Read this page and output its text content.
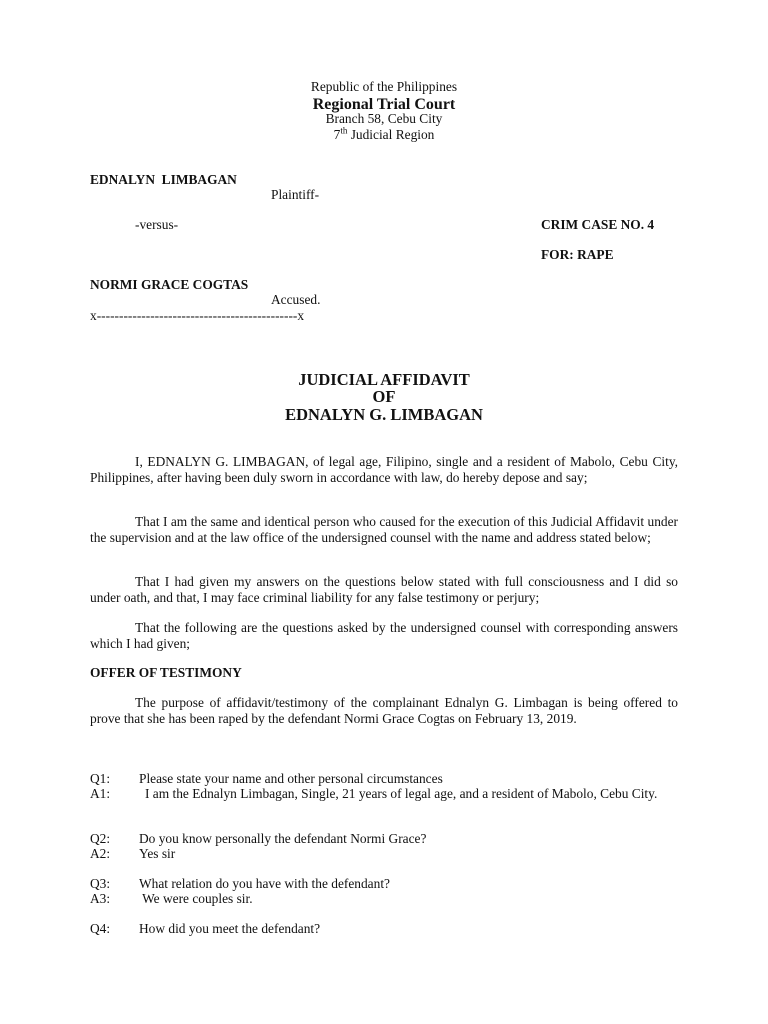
Republic of the Philippines
Regional Trial Court
Branch 58, Cebu City
7th Judicial Region
EDNALYN  LIMBAGAN
Plaintiff-
-versus-	CRIM CASE NO. 4
FOR: RAPE
NORMI GRACE COGTAS
Accused.
x---------------------------------------------x
JUDICIAL AFFIDAVIT
OF
EDNALYN G. LIMBAGAN

I, EDNALYN G. LIMBAGAN, of legal age, Filipino, single and a resident of Mabolo, Cebu City, Philippines, after having been duly sworn in accordance with law, do hereby depose and say;

That I am the same and identical person who caused for the execution of this Judicial Affidavit under the supervision and at the law office of the undersigned counsel with the name and address stated below;

That I had given my answers on the questions below stated with full consciousness and I did so under oath, and that, I may face criminal liability for any false testimony or perjury;

That the following are the questions asked by the undersigned counsel with corresponding answers which I had given;

OFFER OF TESTIMONY

The purpose of affidavit/testimony of the complainant Ednalyn G. Limbagan is being offered to prove that she has been raped by the defendant Normi Grace Cogtas on February 13, 2019.

Q1: Please state your name and other personal circumstances
A1:	I am the Ednalyn Limbagan, Single, 21 years of legal age, and a resident of Mabolo, Cebu City.

Q2: Do you know personally the defendant Normi Grace?
A2: Yes sir
Q3: What relation do you have with the defendant?
A3: We were couples sir.
Q4: How did you meet the defendant?
